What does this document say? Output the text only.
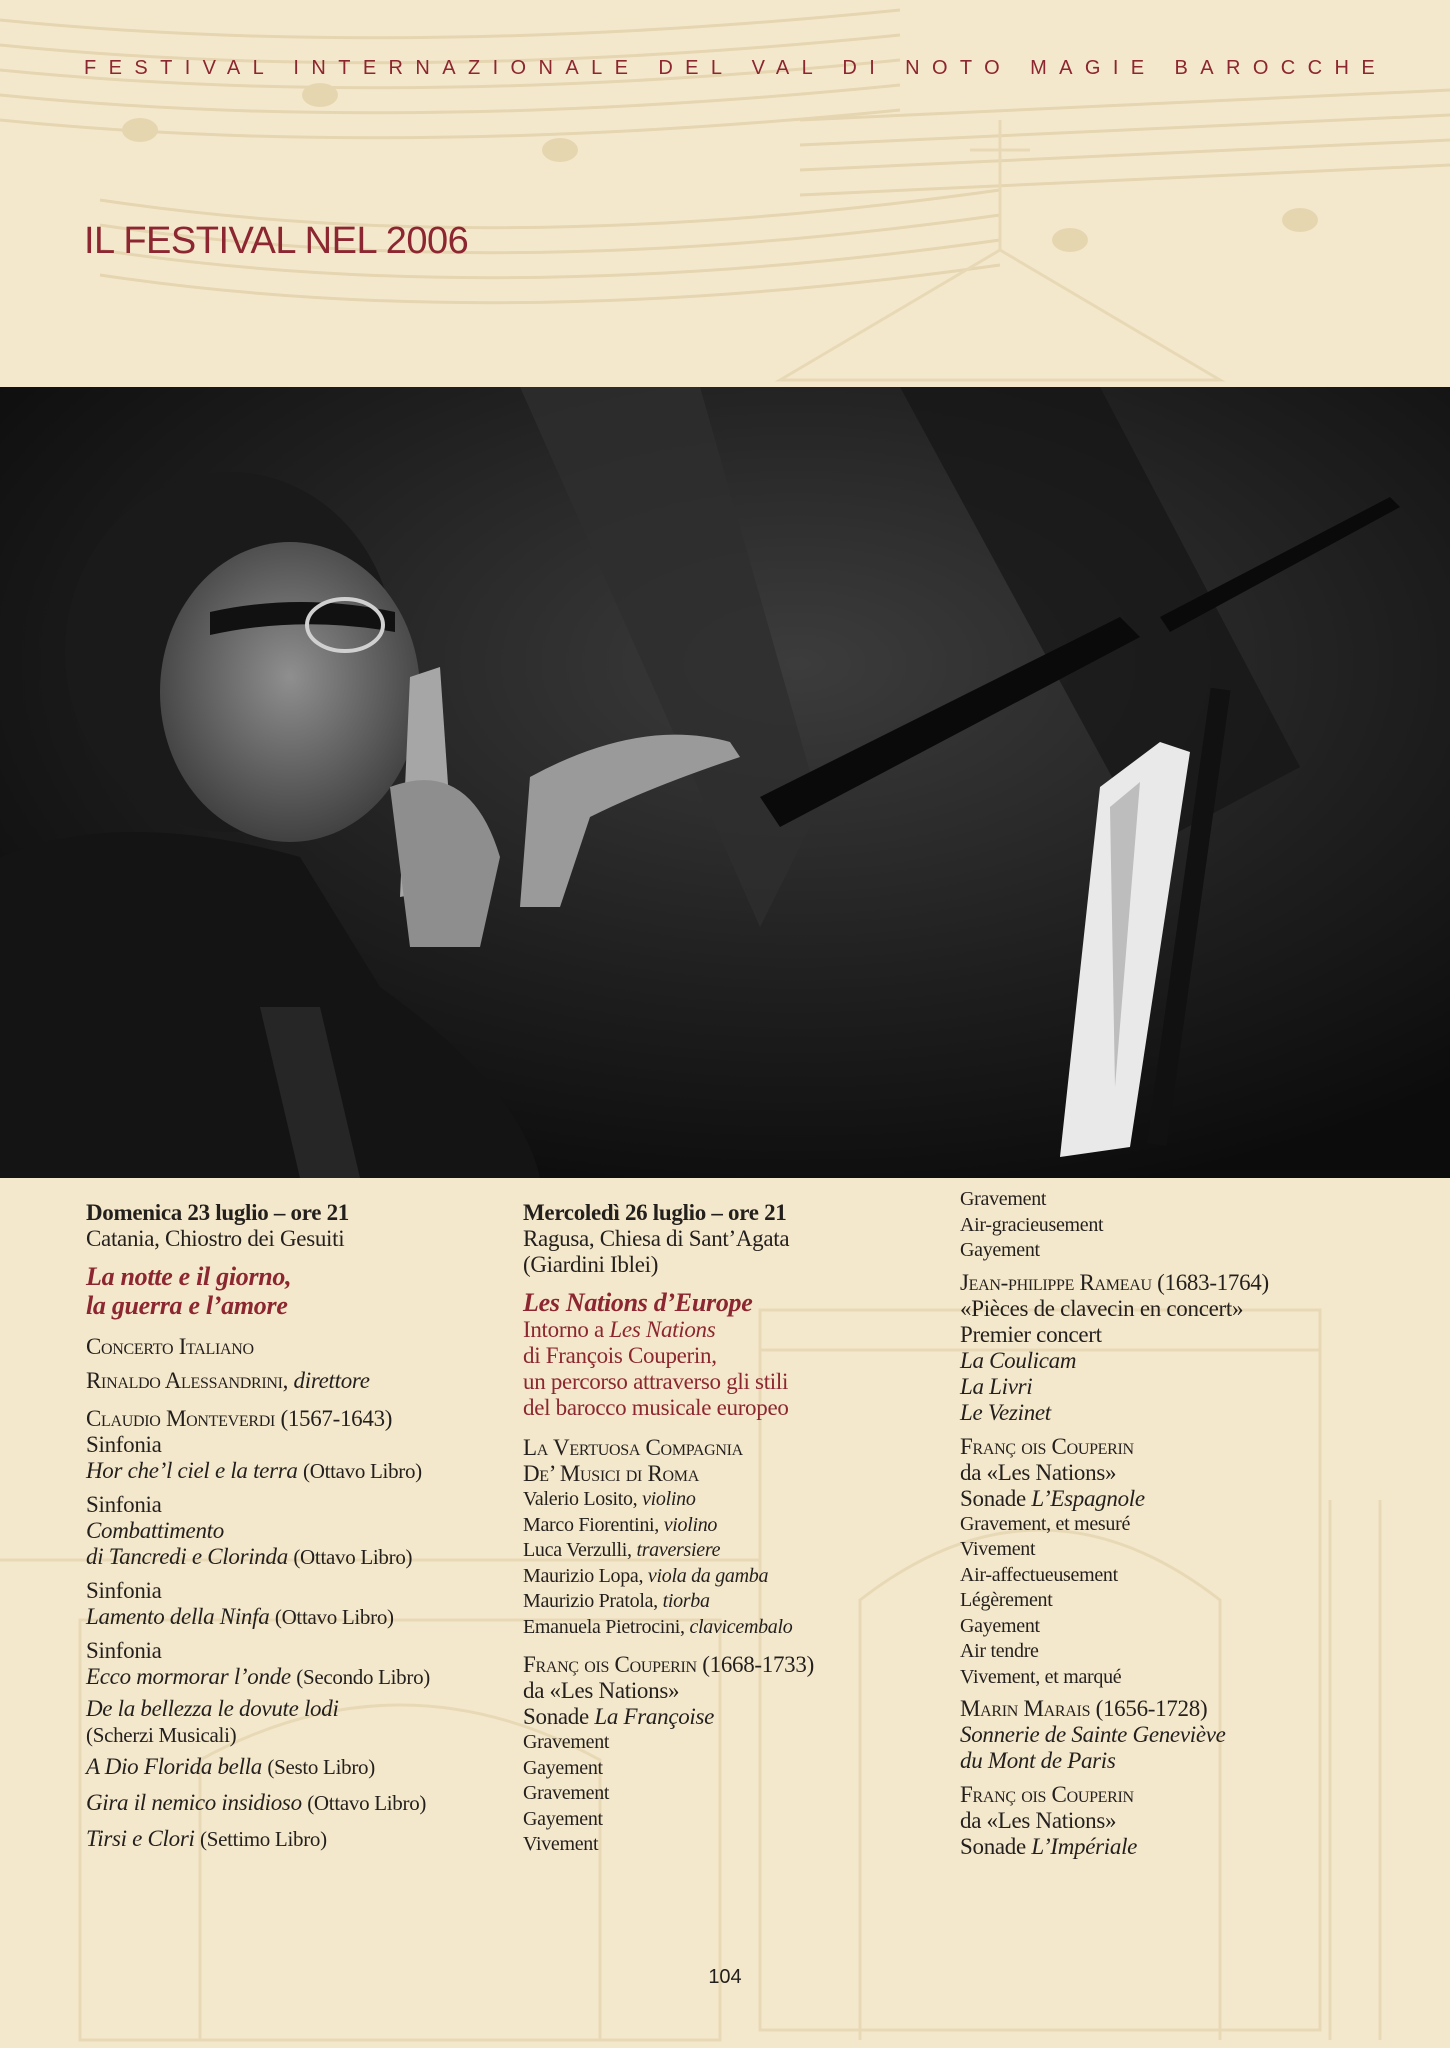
FESTIVAL INTERNAZIONALE DEL VAL DI NOTO MAGIE BAROCCHE
IL FESTIVAL NEL 2006
Domenica 23 luglio – ore 21
Catania, Chiostro dei Gesuiti
La notte e il giorno,
la guerra e l’amore
Concerto Italiano
Rinaldo Alessandrini, direttore
Claudio Monteverdi (1567-1643)
Sinfonia
Hor che’l ciel e la terra (Ottavo Libro)
Sinfonia
Combattimento
di Tancredi e Clorinda (Ottavo Libro)
Sinfonia
Lamento della Ninfa (Ottavo Libro)
Sinfonia
Ecco mormorar l’onde (Secondo Libro)
De la bellezza le dovute lodi
(Scherzi Musicali)
A Dio Florida bella (Sesto Libro)
Gira il nemico insidioso (Ottavo Libro)
Tirsi e Clori (Settimo Libro)
Mercoledì 26 luglio – ore 21
Ragusa, Chiesa di Sant’Agata
(Giardini Iblei)
Les Nations d’Europe
Intorno a Les Nations
di François Couperin,
un percorso attraverso gli stili
del barocco musicale europeo
La Vertuosa Compagnia
De’ Musici di Roma
Valerio Losito, violino
Marco Fiorentini, violino
Luca Verzulli, traversiere
Maurizio Lopa, viola da gamba
Maurizio Pratola, tiorba
Emanuela Pietrocini, clavicembalo
Franç ois Couperin (1668-1733)
da «Les Nations»
Sonade La Françoise
Gravement
Gayement
Gravement
Gayement
Vivement
Gravement
Air-gracieusement
Gayement
Jean-philippe Rameau (1683-1764)
«Pièces de clavecin en concert»
Premier concert
La Coulicam
La Livri
Le Vezinet
Franç ois Couperin
da «Les Nations»
Sonade L’Espagnole
Gravement, et mesuré
Vivement
Air-affectueusement
Légèrement
Gayement
Air tendre
Vivement, et marqué
Marin Marais (1656-1728)
Sonnerie de Sainte Geneviève
du Mont de Paris
Franç ois Couperin
da «Les Nations»
Sonade L’Impériale
104
